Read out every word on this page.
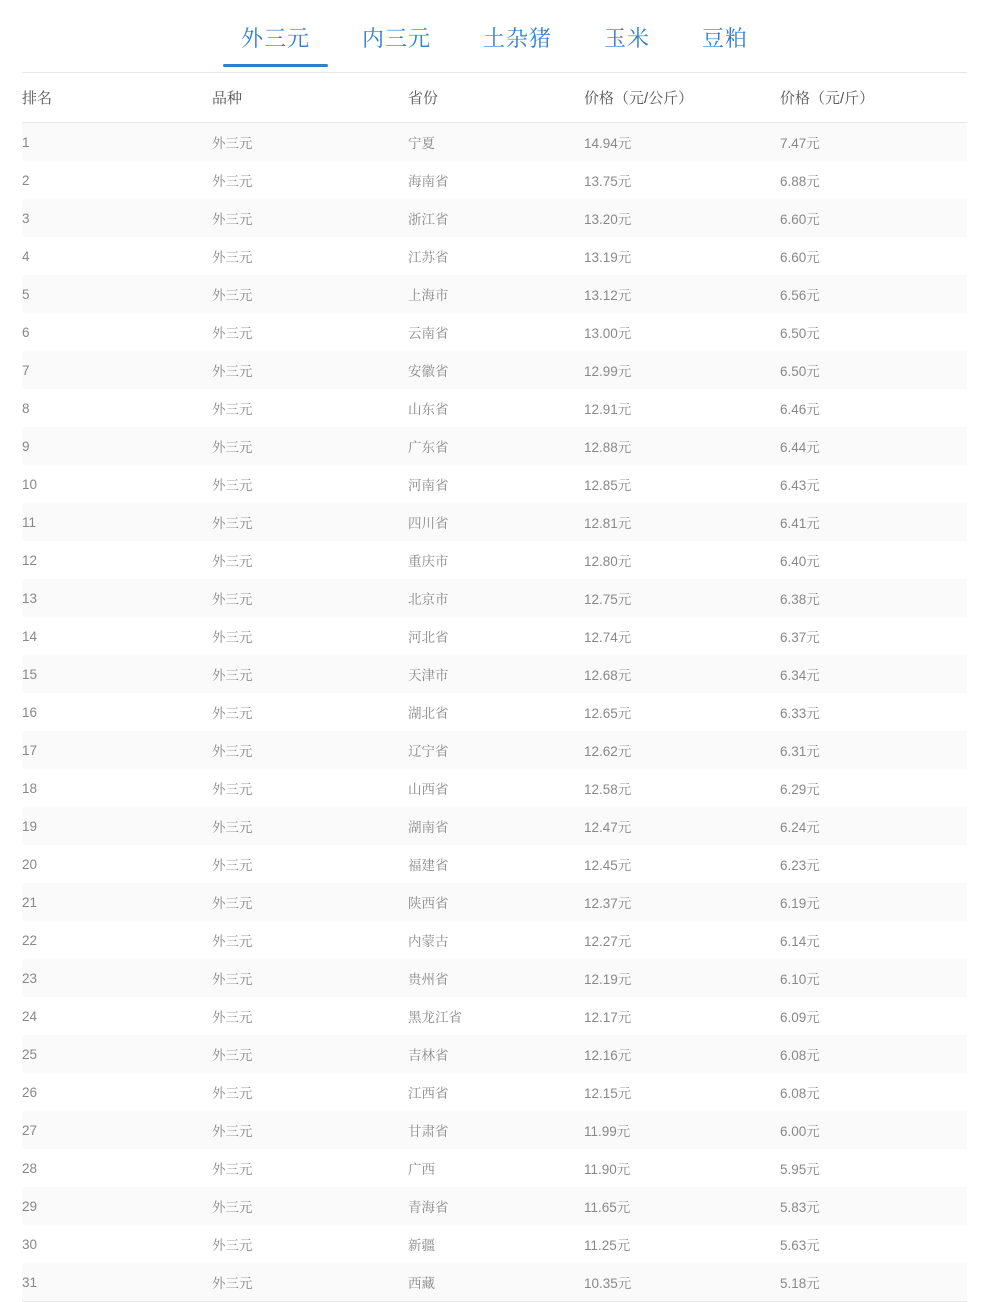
外三元	内三元	土杂猪	玉米	豆粕
排名	品种	省份	价格（元/公斤）	价格（元/斤）
1	外三元	宁夏	14.94元	7.47元
2	外三元	海南省	13.75元	6.88元
3	外三元	浙江省	13.20元	6.60元
4	外三元	江苏省	13.19元	6.60元
5	外三元	上海市	13.12元	6.56元
6	外三元	云南省	13.00元	6.50元
7	外三元	安徽省	12.99元	6.50元
8	外三元	山东省	12.91元	6.46元
9	外三元	广东省	12.88元	6.44元
10	外三元	河南省	12.85元	6.43元
11	外三元	四川省	12.81元	6.41元
12	外三元	重庆市	12.80元	6.40元
13	外三元	北京市	12.75元	6.38元
14	外三元	河北省	12.74元	6.37元
15	外三元	天津市	12.68元	6.34元
16	外三元	湖北省	12.65元	6.33元
17	外三元	辽宁省	12.62元	6.31元
18	外三元	山西省	12.58元	6.29元
19	外三元	湖南省	12.47元	6.24元
20	外三元	福建省	12.45元	6.23元
21	外三元	陕西省	12.37元	6.19元
22	外三元	内蒙古	12.27元	6.14元
23	外三元	贵州省	12.19元	6.10元
24	外三元	黑龙江省	12.17元	6.09元
25	外三元	吉林省	12.16元	6.08元
26	外三元	江西省	12.15元	6.08元
27	外三元	甘肃省	11.99元	6.00元
28	外三元	广西	11.90元	5.95元
29	外三元	青海省	11.65元	5.83元
30	外三元	新疆	11.25元	5.63元
31	外三元	西藏	10.35元	5.18元
